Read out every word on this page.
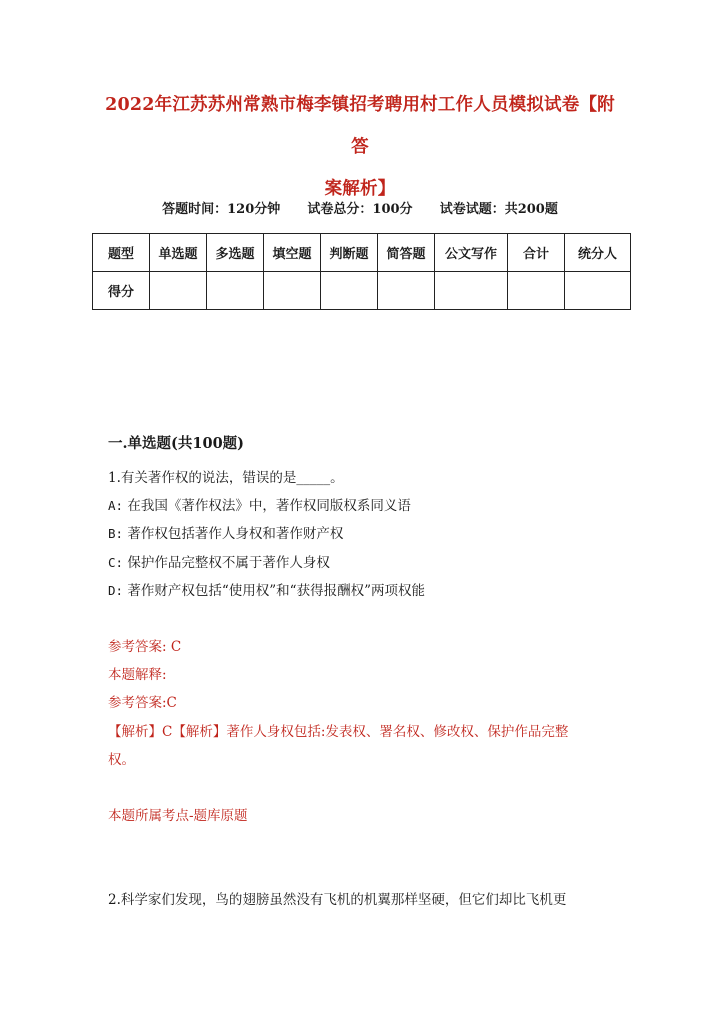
2022年江苏苏州常熟市梅李镇招考聘用村工作人员模拟试卷【附答
案解析】
答题时间：120分钟 试卷总分：100分 试卷试题：共200题
题型	单选题	多选题	填空题	判断题	简答题	公文写作	合计	统分人
得分								
一.单选题(共100题)
1.有关著作权的说法，错误的是_____。
A: 在我国《著作权法》中，著作权同版权系同义语
B: 著作权包括著作人身权和著作财产权
C: 保护作品完整权不属于著作人身权
D: 著作财产权包括“使用权”和“获得报酬权”两项权能
参考答案: C
本题解释:
参考答案:C
【解析】C【解析】著作人身权包括:发表权、署名权、修改权、保护作品完整
权。
本题所属考点-题库原题
2.科学家们发现，鸟的翅膀虽然没有飞机的机翼那样坚硬，但它们却比飞机更
